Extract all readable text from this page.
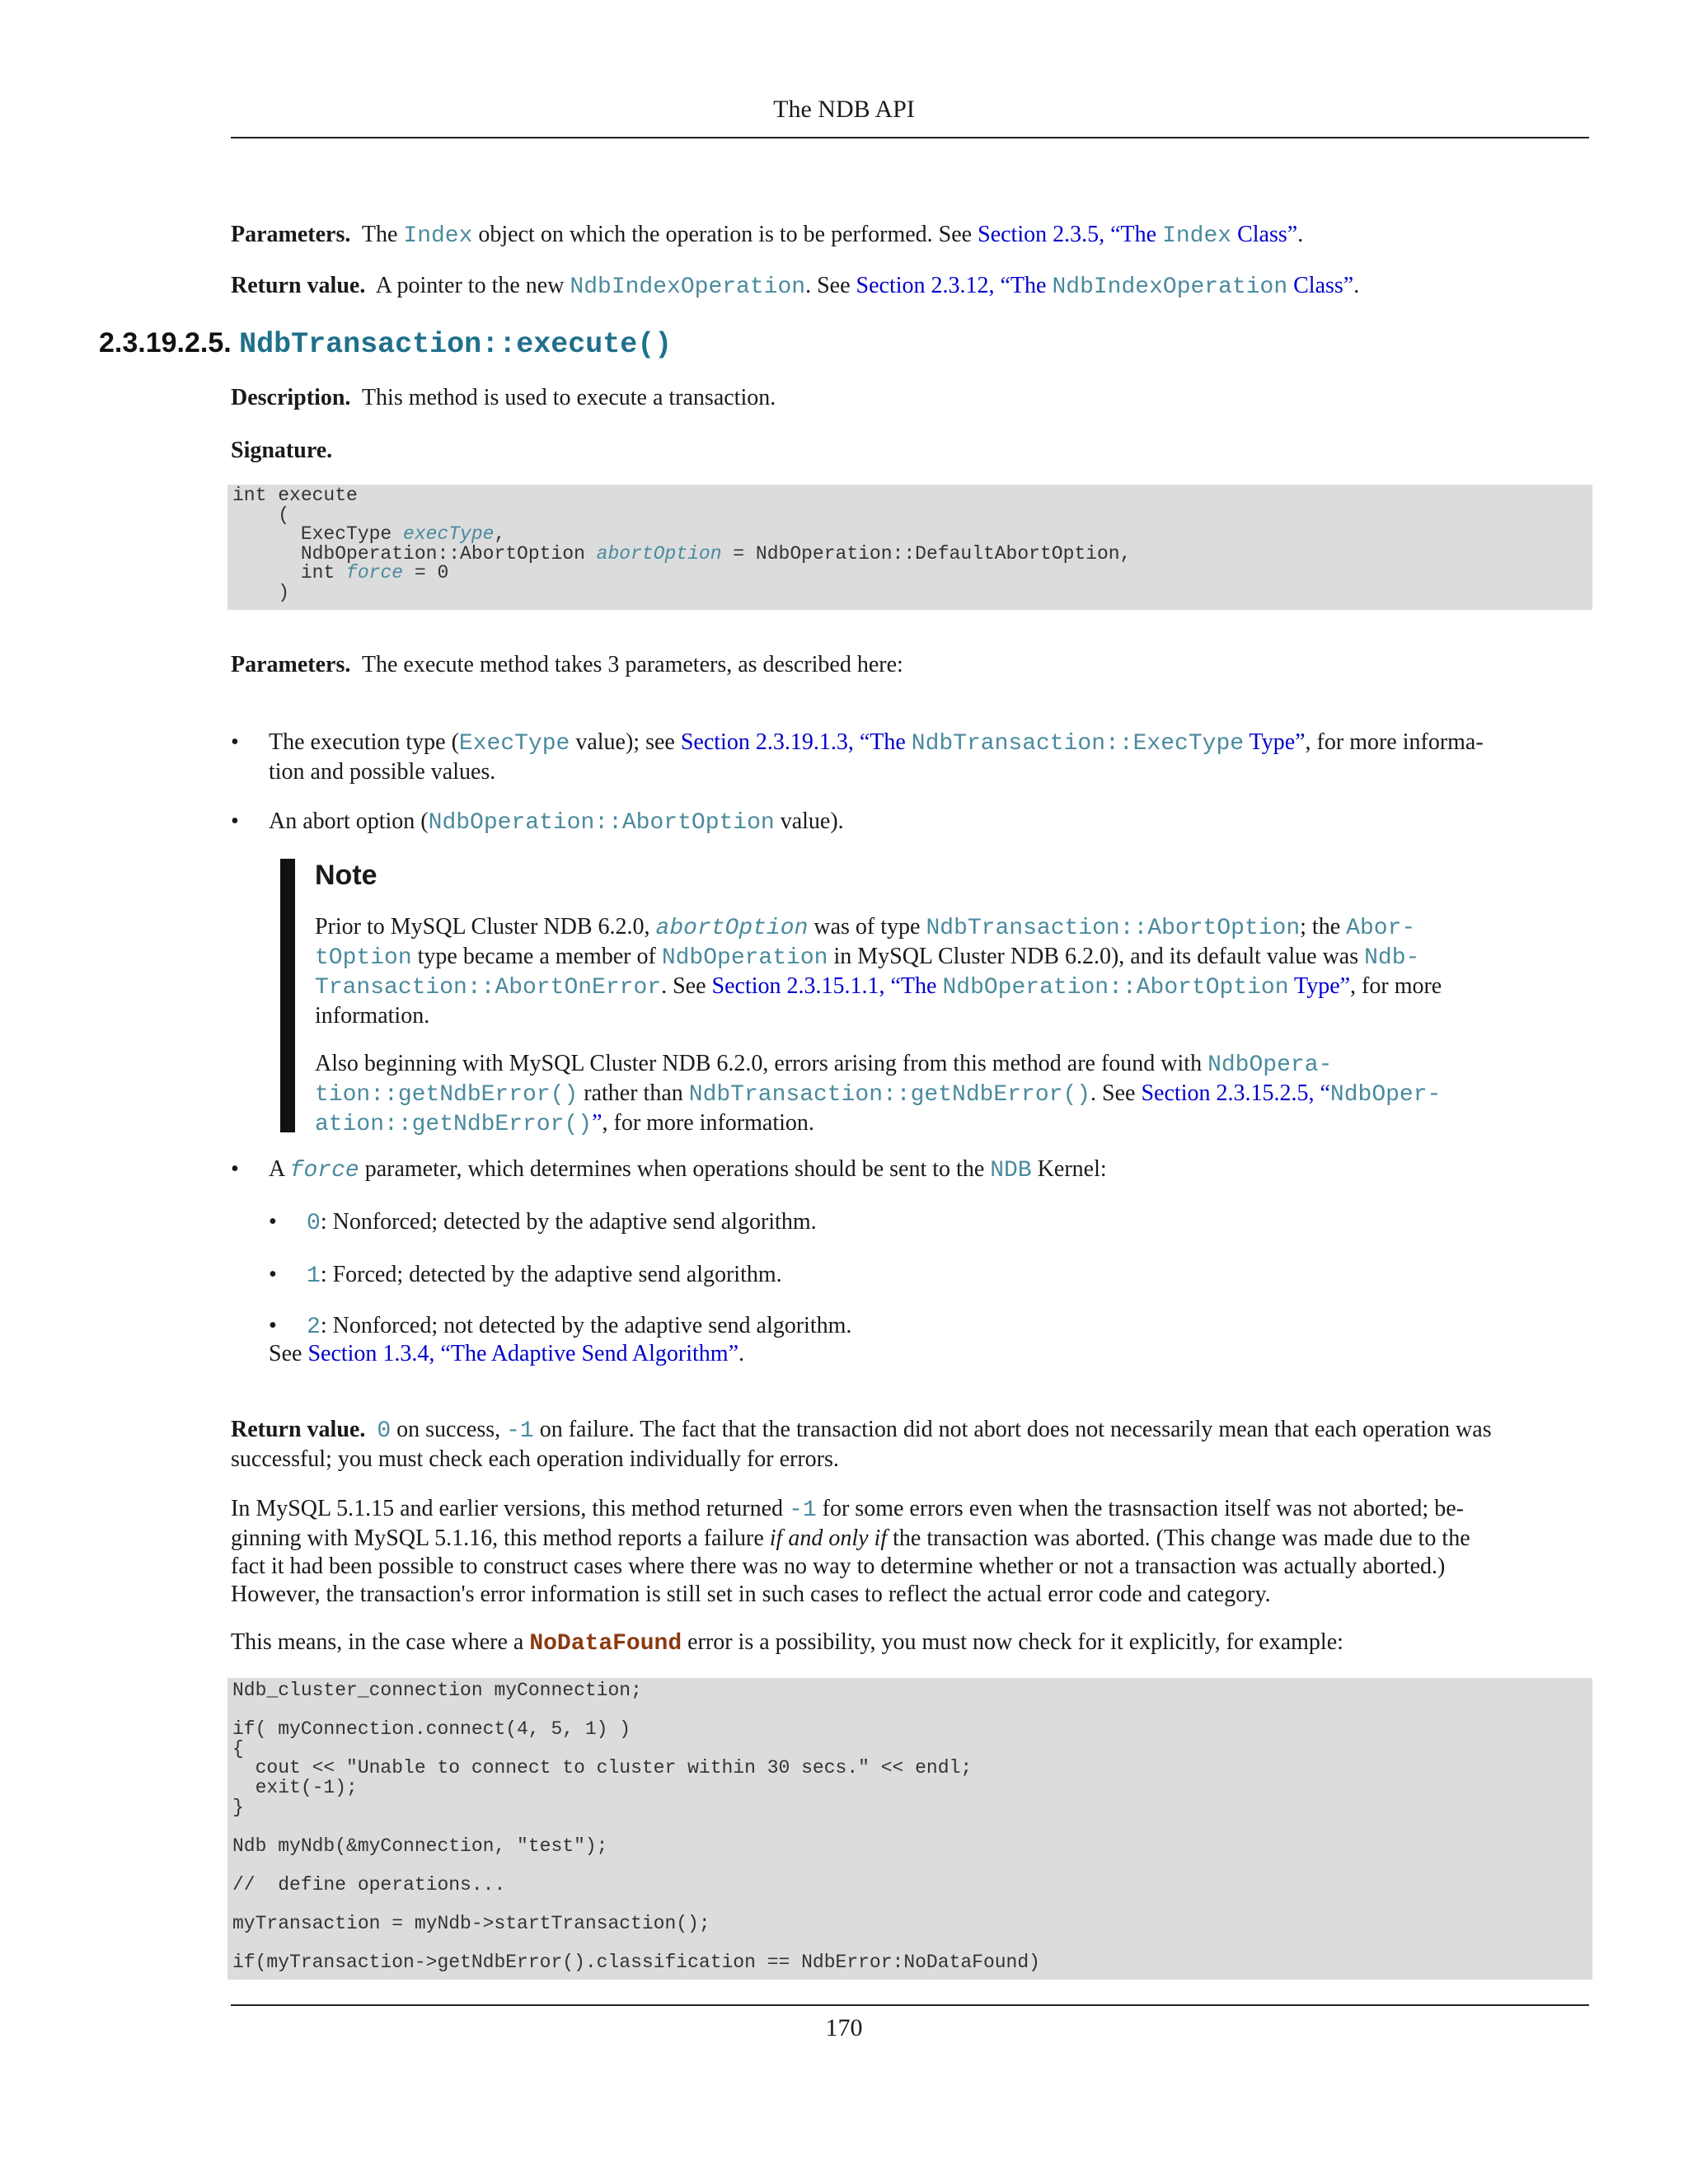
The NDB API
Parameters. The Index object on which the operation is to be performed. See Section 2.3.5, “The Index Class”.
Return value. A pointer to the new NdbIndexOperation. See Section 2.3.12, “The NdbIndexOperation Class”.
2.3.19.2.5. NdbTransaction::execute()
Description. This method is used to execute a transaction.
Signature.
int execute
(
ExecType execType,
NdbOperation::AbortOption abortOption = NdbOperation::DefaultAbortOption,
int force = 0
)
Parameters. The execute method takes 3 parameters, as described here:
• The execution type (ExecType value); see Section 2.3.19.1.3, “The NdbTransaction::ExecType Type”, for more informa-
tion and possible values.
• An abort option (NdbOperation::AbortOption value).
Note
Prior to MySQL Cluster NDB 6.2.0, abortOption was of type NdbTransaction::AbortOption; the Abor-
tOption type became a member of NdbOperation in MySQL Cluster NDB 6.2.0), and its default value was Ndb-
Transaction::AbortOnError. See Section 2.3.15.1.1, “The NdbOperation::AbortOption Type”, for more
information.
Also beginning with MySQL Cluster NDB 6.2.0, errors arising from this method are found with NdbOpera-
tion::getNdbError() rather than NdbTransaction::getNdbError(). See Section 2.3.15.2.5, “NdbOper-
ation::getNdbError()”, for more information.
• A force parameter, which determines when operations should be sent to the NDB Kernel:
• 0: Nonforced; detected by the adaptive send algorithm.
• 1: Forced; detected by the adaptive send algorithm.
• 2: Nonforced; not detected by the adaptive send algorithm.
See Section 1.3.4, “The Adaptive Send Algorithm”.
Return value. 0 on success, -1 on failure. The fact that the transaction did not abort does not necessarily mean that each operation was
successful; you must check each operation individually for errors.
In MySQL 5.1.15 and earlier versions, this method returned -1 for some errors even when the trasnsaction itself was not aborted; be-
ginning with MySQL 5.1.16, this method reports a failure if and only if the transaction was aborted. (This change was made due to the
fact it had been possible to construct cases where there was no way to determine whether or not a transaction was actually aborted.)
However, the transaction's error information is still set in such cases to reflect the actual error code and category.
This means, in the case where a NoDataFound error is a possibility, you must now check for it explicitly, for example:
Ndb_cluster_connection myConnection;
if( myConnection.connect(4, 5, 1) )
{
cout << "Unable to connect to cluster within 30 secs." << endl;
exit(-1);
}
Ndb myNdb(&myConnection, "test");
//  define operations...
myTransaction = myNdb->startTransaction();
if(myTransaction->getNdbError().classification == NdbError:NoDataFound)
170
